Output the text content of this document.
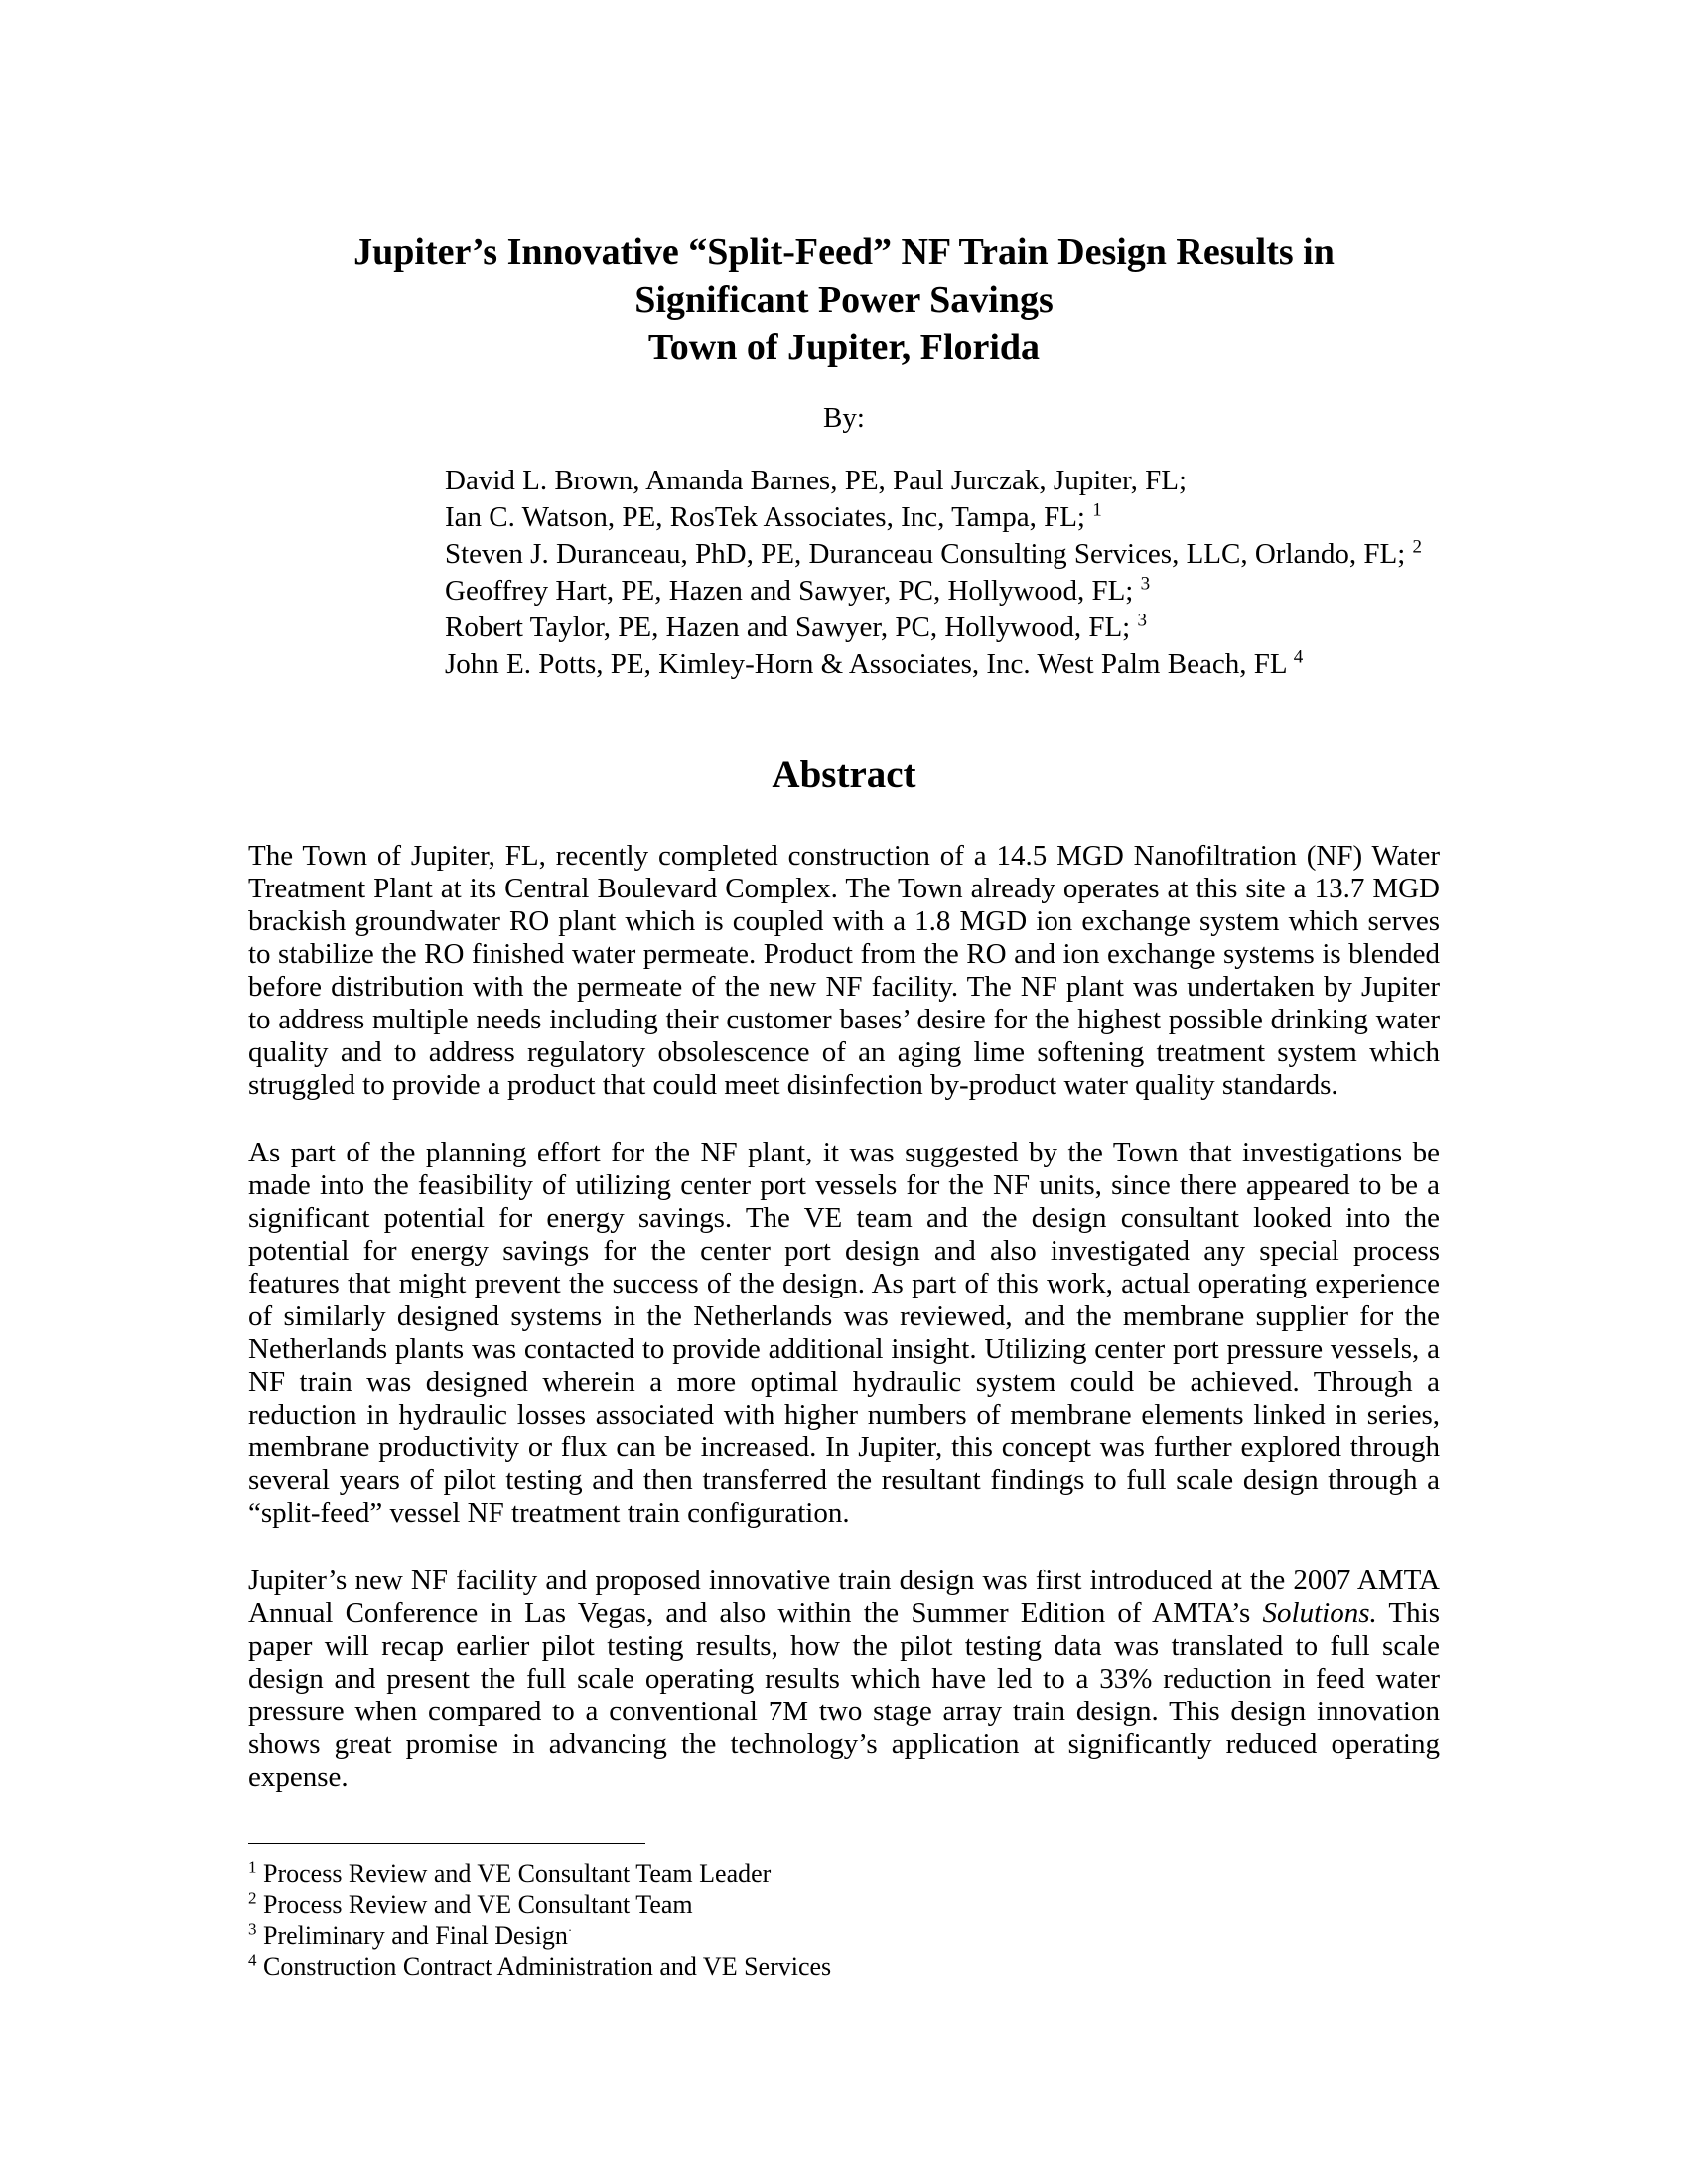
Jupiter’s Innovative “Split-Feed” NF Train Design Results in
Significant Power Savings
Town of Jupiter, Florida
By:
David L. Brown, Amanda Barnes, PE, Paul Jurczak, Jupiter, FL;
Ian C. Watson, PE, RosTek Associates, Inc, Tampa, FL; $^1$
Steven J. Duranceau, PhD, PE, Duranceau Consulting Services, LLC, Orlando, FL; $^2$
Geoffrey Hart, PE, Hazen and Sawyer, PC, Hollywood, FL; $^3$
Robert Taylor, PE, Hazen and Sawyer, PC, Hollywood, FL; $^3$
John E. Potts, PE, Kimley-Horn & Associates, Inc. West Palm Beach, FL $^4$
Abstract

The Town of Jupiter, FL, recently completed construction of a 14.5 MGD Nanofiltration (NF) Water Treatment Plant at its Central Boulevard Complex. The Town already operates at this site a 13.7 MGD brackish groundwater RO plant which is coupled with a 1.8 MGD ion exchange system which serves to stabilize the RO finished water permeate. Product from the RO and ion exchange systems is blended before distribution with the permeate of the new NF facility. The NF plant was undertaken by Jupiter to address multiple needs including their customer bases’ desire for the highest possible drinking water quality and to address regulatory obsolescence of an aging lime softening treatment system which struggled to provide a product that could meet disinfection by-product water quality standards.

As part of the planning effort for the NF plant, it was suggested by the Town that investigations be made into the feasibility of utilizing center port vessels for the NF units, since there appeared to be a significant potential for energy savings. The VE team and the design consultant looked into the potential for energy savings for the center port design and also investigated any special process features that might prevent the success of the design. As part of this work, actual operating experience of similarly designed systems in the Netherlands was reviewed, and the membrane supplier for the Netherlands plants was contacted to provide additional insight. Utilizing center port pressure vessels, a NF train was designed wherein a more optimal hydraulic system could be achieved. Through a reduction in hydraulic losses associated with higher numbers of membrane elements linked in series, membrane productivity or flux can be increased. In Jupiter, this concept was further explored through several years of pilot testing and then transferred the resultant findings to full scale design through a “split-feed” vessel NF treatment train configuration.

Jupiter’s new NF facility and proposed innovative train design was first introduced at the 2007 AMTA Annual Conference in Las Vegas, and also within the Summer Edition of AMTA’s Solutions. This paper will recap earlier pilot testing results, how the pilot testing data was translated to full scale design and present the full scale operating results which have led to a 33% reduction in feed water pressure when compared to a conventional 7M two stage array train design. This design innovation shows great promise in advancing the technology’s application at significantly reduced operating expense.

$^1$ Process Review and VE Consultant Team Leader
$^2$ Process Review and VE Consultant Team
$^3$ Preliminary and Final Design·
$^4$ Construction Contract Administration and VE Services
